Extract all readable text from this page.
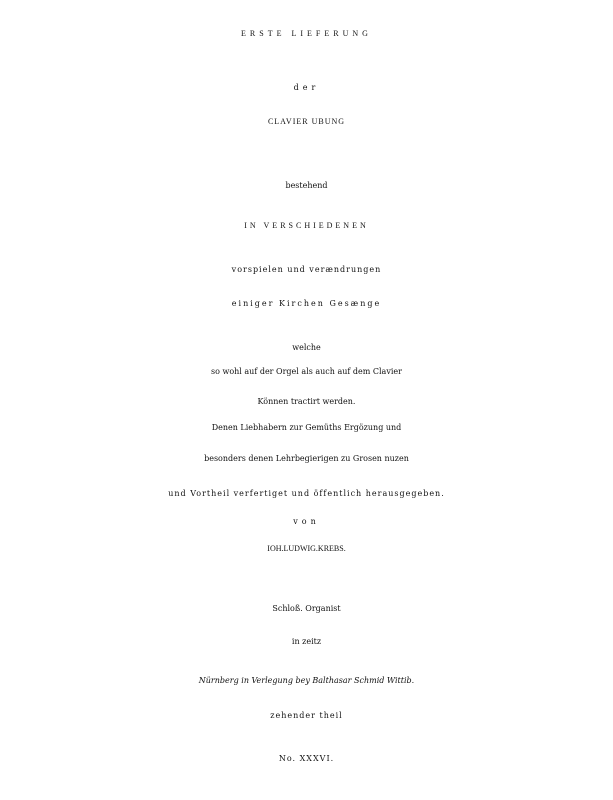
ERSTE LIEFERUNG
der
CLAVIER UBUNG
bestehend
IN VERSCHIEDENEN
vorspielen und verændrungen
einiger Kirchen Gesænge
welche
so wohl auf der Orgel als auch auf dem Clavier
Können tractirt werden.
Denen Liebhabern zur Gemüths Ergözung und
besonders denen Lehrbegierigen zu Grosen nuzen
und Vortheil verfertiget und öffentlich herausgegeben.
von
IOH.LUDWIG.KREBS.
Schloß. Organist
in zeitz
Nürnberg in Verlegung bey Balthasar Schmid Wittib.
zehender theil
No. XXXVI.
